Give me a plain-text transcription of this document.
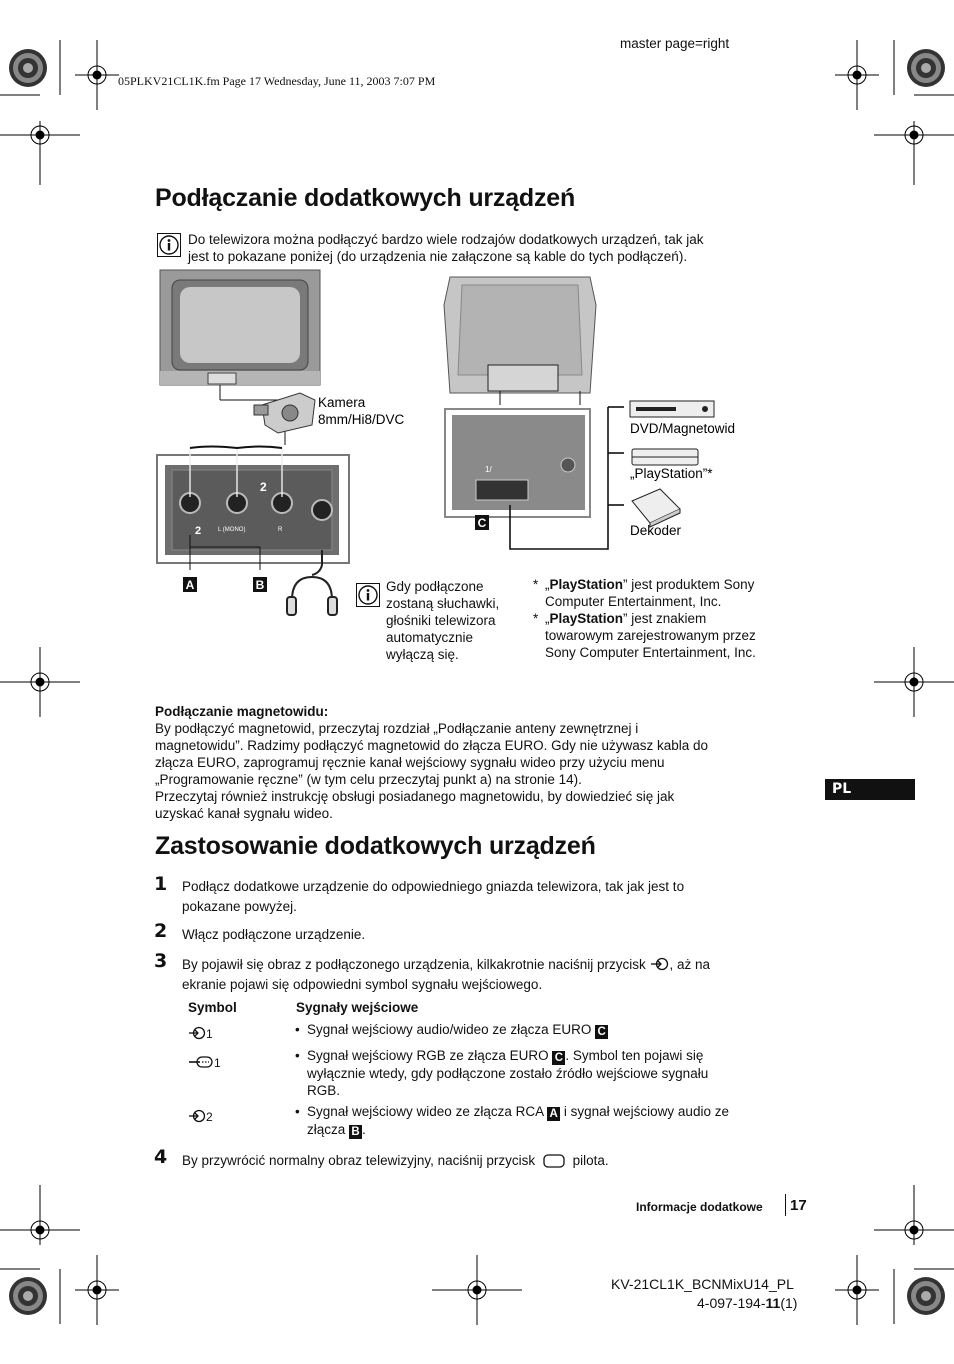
master page=right
05PLKV21CL1K.fm Page 17 Wednesday, June 11, 2003 7:07 PM
Podłączanie dodatkowych urządzeń
Do telewizora można podłączyć bardzo wiele rodzajów dodatkowych urządzeń, tak jak
jest to pokazane poniżej (do urządzenia nie załączone są kable do tych podłączeń).
Kamera
8mm/Hi8/DVC
2
2	L (MONO)	R
A	B
1/
C
DVD/Magnetowid
„PlayStation”*
Dekoder
Gdy podłączone
zostaną słuchawki,
głośniki telewizora
automatycznie
wyłączą się.
* „PlayStation” jest produktem Sony
Computer Entertainment, Inc.
* „PlayStation” jest znakiem
towarowym zarejestrowanym przez
Sony Computer Entertainment, Inc.
Podłączanie magnetowidu:
By podłączyć magnetowid, przeczytaj rozdział „Podłączanie anteny zewnętrznej i
magnetowidu”. Radzimy podłączyć magnetowid do złącza EURO. Gdy nie używasz kabla do
złącza EURO, zaprogramuj ręcznie kanał wejściowy sygnału wideo przy użyciu menu
„Programowanie ręczne” (w tym celu przeczytaj punkt a) na stronie 14).
Przeczytaj również instrukcję obsługi posiadanego magnetowidu, by dowiedzieć się jak
uzyskać kanał sygnału wideo.
PL
Zastosowanie dodatkowych urządzeń
1 Podłącz dodatkowe urządzenie do odpowiedniego gniazda telewizora, tak jak jest to
pokazane powyżej.
2 Włącz podłączone urządzenie.
3 By pojawił się obraz z podłączonego urządzenia, kilkakrotnie naciśnij przycisk , aż na
ekranie pojawi się odpowiedni symbol sygnału wejściowego.
Symbol	Sygnały wejściowe
1	• Sygnał wejściowy audio/wideo ze złącza EURO C
1	• Sygnał wejściowy RGB ze złącza EURO C . Symbol ten pojawi się
wyłącznie wtedy, gdy podłączone zostało źródło wejściowe sygnału
RGB.
2	• Sygnał wejściowy wideo ze złącza RCA A i sygnał wejściowy audio ze
złącza B .
4 By przywrócić normalny obraz telewizyjny, naciśnij przycisk	pilota.
Informacje dodatkowe 17
KV-21CL1K_BCNMixU14_PL
4-097-194-11(1)
